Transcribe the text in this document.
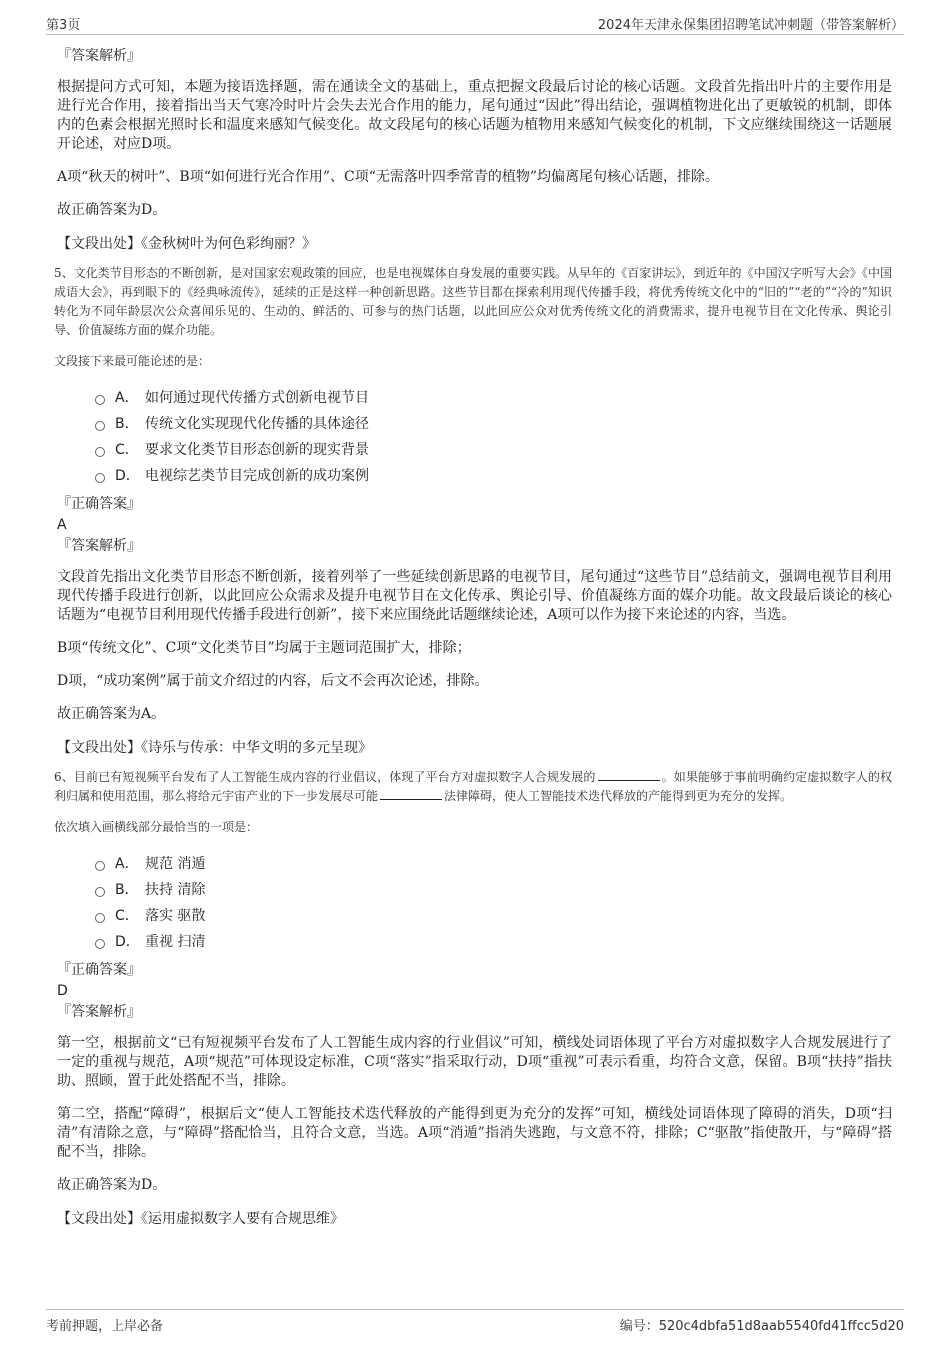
第3页	2024年天津永保集团招聘笔试冲刺题（带答案解析）
『答案解析』
根据提问方式可知，本题为接语选择题，需在通读全文的基础上，重点把握文段最后讨论的核心话题。文段首先指出叶片的主要作用是进行光合作用，接着指出当天气寒冷时叶片会失去光合作用的能力，尾句通过“因此”得出结论，强调植物进化出了更敏锐的机制，即体内的色素会根据光照时长和温度来感知气候变化。故文段尾句的核心话题为植物用来感知气候变化的机制，下文应继续围绕这一话题展开论述，对应D项。
A项“秋天的树叶”、B项“如何进行光合作用”、C项“无需落叶四季常青的植物”均偏离尾句核心话题，排除。
故正确答案为D。
【文段出处】《金秋树叶为何色彩绚丽？》
5、文化类节目形态的不断创新，是对国家宏观政策的回应，也是电视媒体自身发展的重要实践。从早年的《百家讲坛》，到近年的《中国汉字听写大会》《中国成语大会》，再到眼下的《经典咏流传》，延续的正是这样一种创新思路。这些节目都在探索利用现代传播手段，将优秀传统文化中的“旧的”“老的”“冷的”知识转化为不同年龄层次公众喜闻乐见的、生动的、鲜活的、可参与的热门话题，以此回应公众对优秀传统文化的消费需求，提升电视节目在文化传承、舆论引导、价值凝练方面的媒介功能。
文段接下来最可能论述的是：
A． 如何通过现代传播方式创新电视节目
B． 传统文化实现现代化传播的具体途径
C． 要求文化类节目形态创新的现实背景
D． 电视综艺类节目完成创新的成功案例
『正确答案』
A
『答案解析』
文段首先指出文化类节目形态不断创新，接着列举了一些延续创新思路的电视节目，尾句通过“这些节目”总结前文，强调电视节目利用现代传播手段进行创新，以此回应公众需求及提升电视节目在文化传承、舆论引导、价值凝练方面的媒介功能。故文段最后谈论的核心话题为“电视节目利用现代传播手段进行创新”，接下来应围绕此话题继续论述，A项可以作为接下来论述的内容，当选。
B项“传统文化”、C项“文化类节目”均属于主题词范围扩大，排除；
D项，“成功案例”属于前文介绍过的内容，后文不会再次论述，排除。
故正确答案为A。
【文段出处】《诗乐与传承：中华文明的多元呈现》
6、目前已有短视频平台发布了人工智能生成内容的行业倡议，体现了平台方对虚拟数字人合规发展的	。如果能够于事前明确约定虚拟数字人的权利归属和使用范围，那么将给元宇宙产业的下一步发展尽可能	法律障碍，使人工智能技术迭代释放的产能得到更为充分的发挥。
依次填入画横线部分最恰当的一项是：
A． 规范 消遁
B． 扶持 清除
C． 落实 驱散
D． 重视 扫清
『正确答案』
D
『答案解析』
第一空，根据前文“已有短视频平台发布了人工智能生成内容的行业倡议”可知，横线处词语体现了平台方对虚拟数字人合规发展进行了一定的重视与规范，A项“规范”可体现设定标准，C项“落实”指采取行动，D项“重视”可表示看重，均符合文意，保留。B项“扶持”指扶助、照顾，置于此处搭配不当，排除。
第二空，搭配“障碍”，根据后文“使人工智能技术迭代释放的产能得到更为充分的发挥”可知，横线处词语体现了障碍的消失，D项“扫清”有清除之意，与“障碍”搭配恰当，且符合文意，当选。A项“消遁”指消失逃跑，与文意不符，排除；C“驱散”指使散开，与“障碍”搭配不当，排除。
故正确答案为D。
【文段出处】《运用虚拟数字人要有合规思维》
考前押题，上岸必备	编号：520c4dbfa51d8aab5540fd41ffcc5d20
